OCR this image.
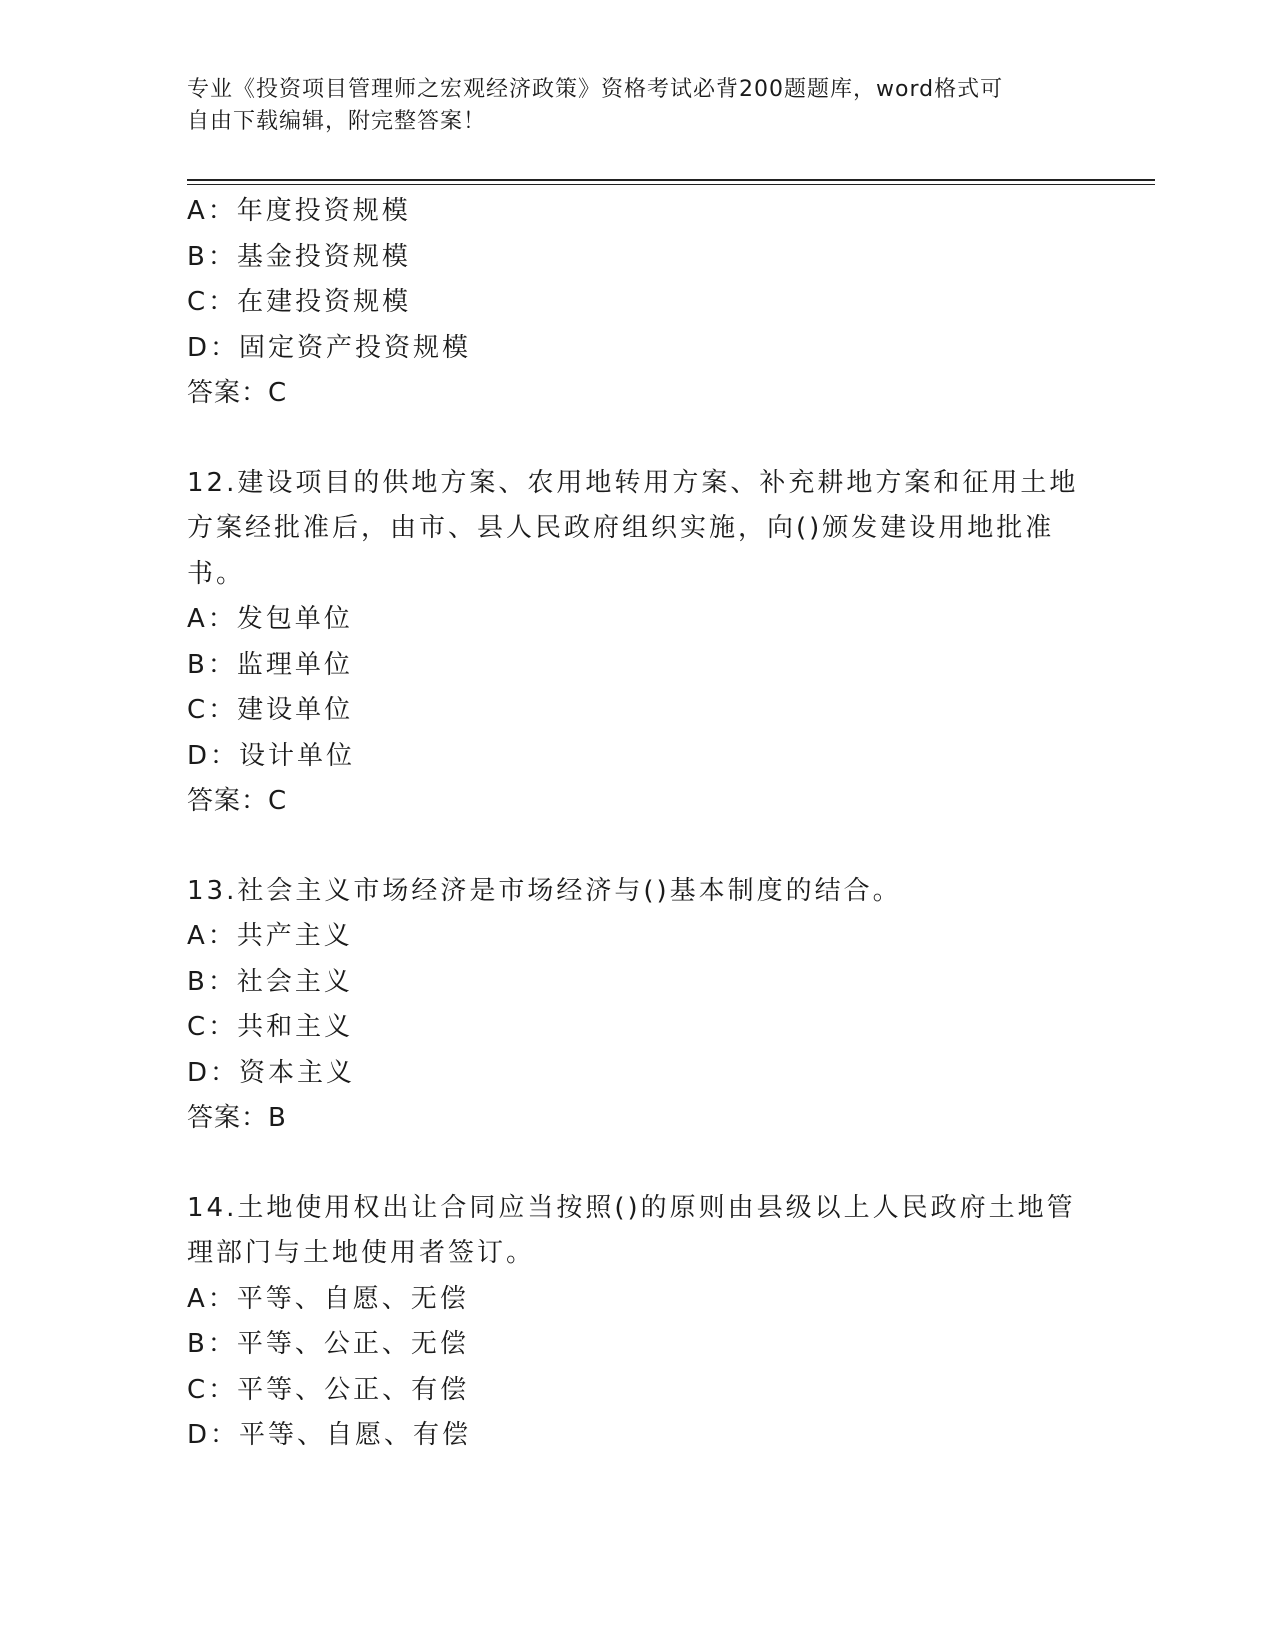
专业《投资项目管理师之宏观经济政策》资格考试必背200题题库，word格式可
自由下载编辑，附完整答案！
A：年度投资规模
B：基金投资规模
C：在建投资规模
D：固定资产投资规模
答案：C
12.建设项目的供地方案、农用地转用方案、补充耕地方案和征用土地
方案经批准后，由市、县人民政府组织实施，向()颁发建设用地批准
书。
A：发包单位
B：监理单位
C：建设单位
D：设计单位
答案：C
13.社会主义市场经济是市场经济与()基本制度的结合。
A：共产主义
B：社会主义
C：共和主义
D：资本主义
答案：B
14.土地使用权出让合同应当按照()的原则由县级以上人民政府土地管
理部门与土地使用者签订。
A：平等、自愿、无偿
B：平等、公正、无偿
C：平等、公正、有偿
D：平等、自愿、有偿
